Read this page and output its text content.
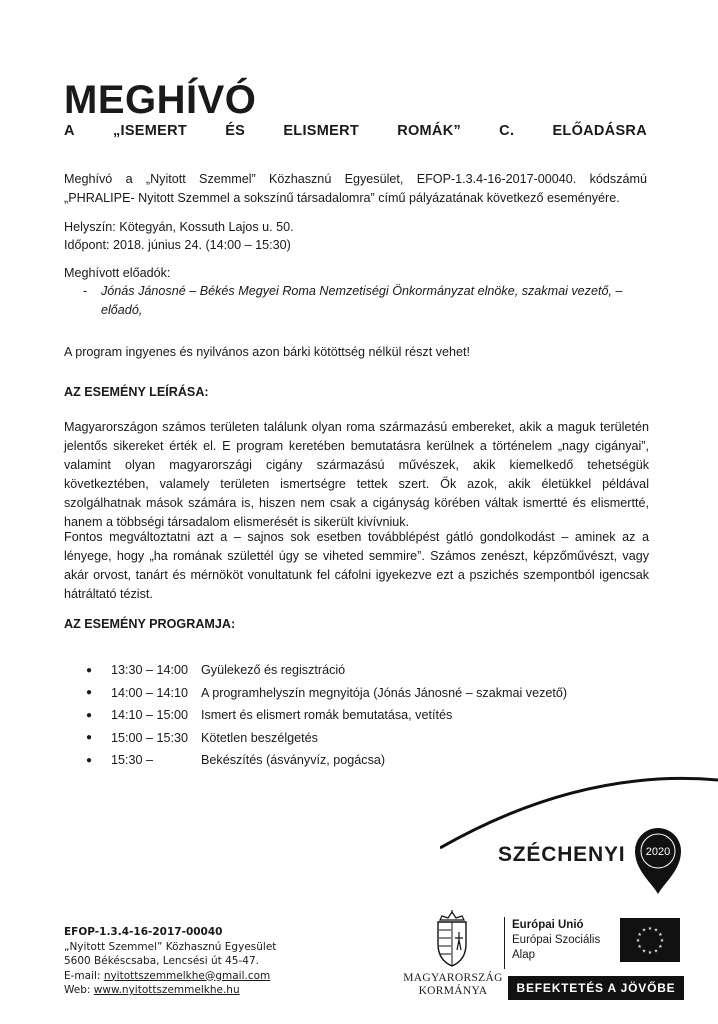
MEGHÍVÓ
A	„ISEMERT	ÉS	ELISMERT	ROMÁK”	C.	ELŐADÁSRA
Meghívó a „Nyitott Szemmel” Közhasznú Egyesület, EFOP-1.3.4-16-2017-00040. kódszámú „PHRALIPE- Nyitott Szemmel a sokszínű társadalomra” című pályázatának következő eseményére.
Helyszín: Kötegyán, Kossuth Lajos u. 50.
Időpont: 2018. június 24. (14:00 – 15:30)
Meghívott előadók:
-	Jónás Jánosné – Békés Megyei Roma Nemzetiségi Önkormányzat elnöke, szakmai vezető, – előadó,
A program ingyenes és nyilvános azon bárki kötöttség nélkül részt vehet!
AZ ESEMÉNY LEÍRÁSA:
Magyarországon számos területen találunk olyan roma származású embereket, akik a maguk területén jelentős sikereket érték el. E program keretében bemutatásra kerülnek a történelem „nagy cigányai”, valamint olyan magyarországi cigány származású művészek, akik kiemelkedő tehetségük következtében, valamely területen ismertségre tettek szert. Ők azok, akik életükkel példával szolgálhatnak mások számára is, hiszen nem csak a cigányság körében váltak ismertté és elismertté, hanem a többségi társadalom elismerését is sikerült kivívniuk.
Fontos megváltoztatni azt a – sajnos sok esetben továbblépést gátló gondolkodást – aminek az a lényege, hogy „ha romának születtél úgy se viheted semmire”. Számos zenészt, képzőművészt, vagy akár orvost, tanárt és mérnököt vonultatunk fel cáfolni igyekezve ezt a pszichés szempontból igencsak hátráltató tézist.
AZ ESEMÉNY PROGRAMJA:
●	13:30 – 14:00	Gyülekező és regisztráció
●	14:00 – 14:10	A programhelyszín megnyitója (Jónás Jánosné – szakmai vezető)
●	14:10 – 15:00	Ismert és elismert romák bemutatása, vetítés
●	15:00 – 15:30	Kötetlen beszélgetés
●	15:30 –	Bekészítés (ásványvíz, pogácsa)
SZÉCHENYI 2020
EFOP-1.3.4-16-2017-00040
„Nyitott Szemmel” Közhasznú Egyesület
5600 Békéscsaba, Lencsési út 45-47.
E-mail: nyitottszemmelkhe@gmail.com
Web: www.nyitottszemmelkhe.hu
MAGYARORSZÁG
KORMÁNYA
Európai Unió
Európai Szociális
Alap
★ ★
★
★
★
★
★
★
★
★
★
★
BEFEKTETÉS A JÖVŐBE
